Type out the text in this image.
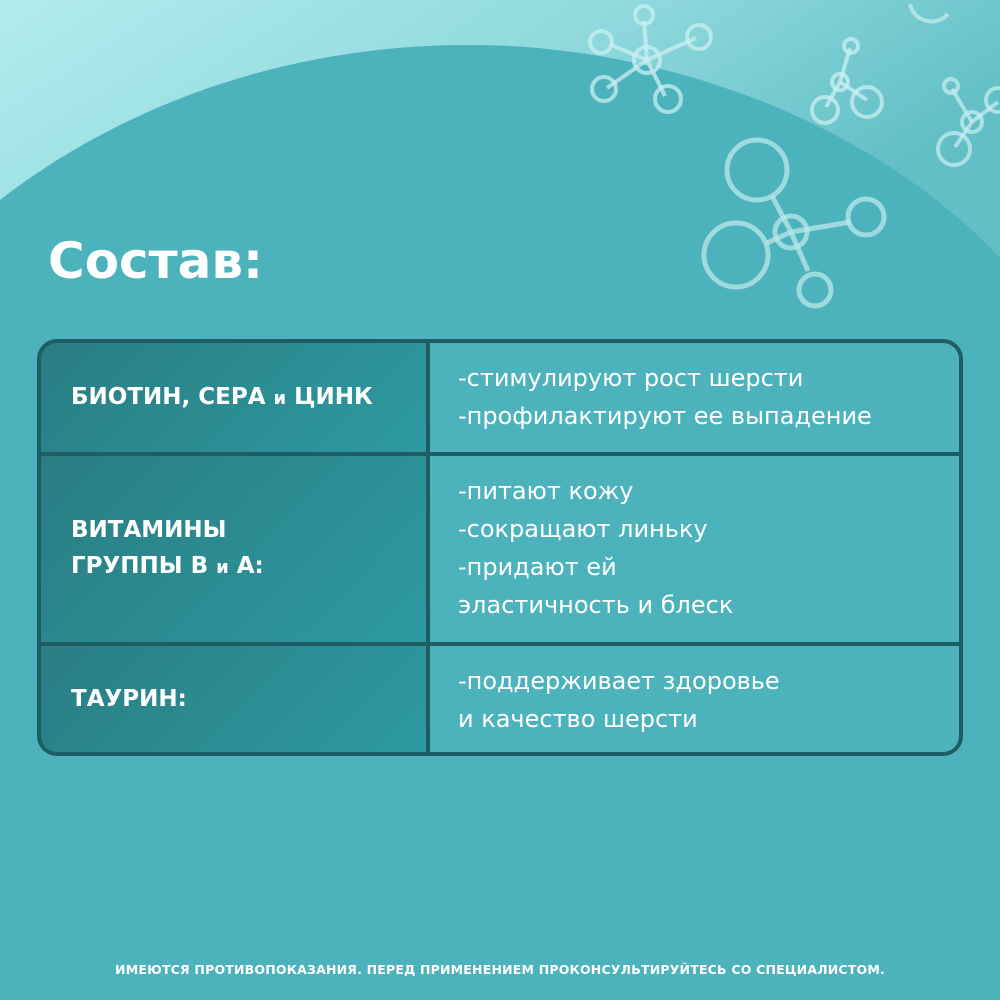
Состав:
БИОТИН, СЕРА и ЦИНК
-стимулируют рост шерсти
-профилактируют ее выпадение
ВИТАМИНЫ
ГРУППЫ В и А:
-питают кожу
-сокращают линьку
-придают ей
эластичность и блеск
ТАУРИН:
-поддерживает здоровье
и качество шерсти

ИМЕЮТСЯ ПРОТИВОПОКАЗАНИЯ. ПЕРЕД ПРИМЕНЕНИЕМ ПРОКОНСУЛЬТИРУЙТЕСЬ СО СПЕЦИАЛИСТОМ.
